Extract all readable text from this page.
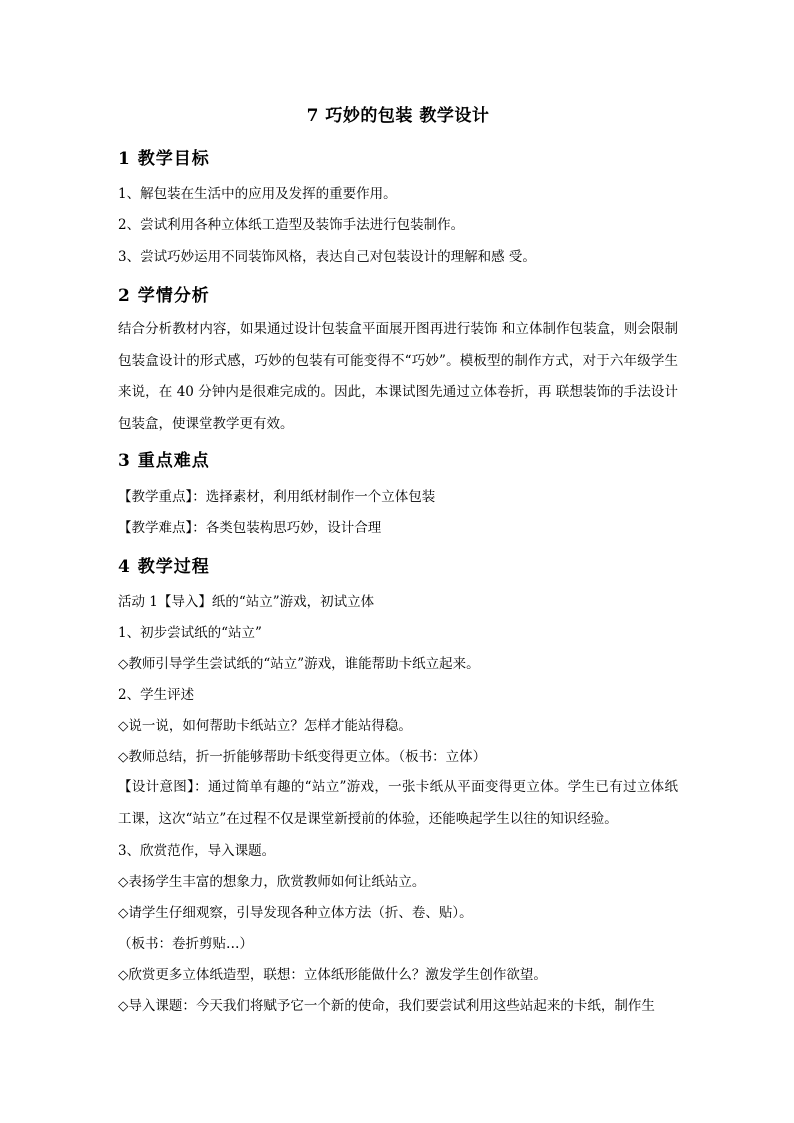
7 巧妙的包装 教学设计
1 教学目标
1、解包装在生活中的应用及发挥的重要作用。
2、尝试利用各种立体纸工造型及装饰手法进行包装制作。
3、尝试巧妙运用不同装饰风格，表达自己对包装设计的理解和感 受。
2 学情分析
结合分析教材内容，如果通过设计包装盒平面展开图再进行装饰 和立体制作包装盒，则会限制包装盒设计的形式感，巧妙的包装有可能变得不“巧妙”。模板型的制作方式，对于六年级学生来说，在 40 分钟内是很难完成的。因此，本课试图先通过立体卷折，再 联想装饰的手法设计包装盒，使课堂教学更有效。
3 重点难点
【教学重点】：选择素材，利用纸材制作一个立体包装
【教学难点】：各类包装构思巧妙，设计合理
4 教学过程
活动 1【导入】纸的“站立”游戏，初试立体
1、初步尝试纸的“站立”
◇教师引导学生尝试纸的“站立”游戏，谁能帮助卡纸立起来。
2、学生评述
◇说一说，如何帮助卡纸站立？怎样才能站得稳。
◇教师总结，折一折能够帮助卡纸变得更立体。（板书：立体）
【设计意图】：通过简单有趣的“站立”游戏，一张卡纸从平面变得更立体。学生已有过立体纸工课，这次“站立”在过程不仅是课堂新授前的体验，还能唤起学生以往的知识经验。
3、欣赏范作，导入课题。
◇表扬学生丰富的想象力，欣赏教师如何让纸站立。
◇请学生仔细观察，引导发现各种立体方法（折、卷、贴）。
（板书：卷折剪贴…）
◇欣赏更多立体纸造型，联想：立体纸形能做什么？激发学生创作欲望。
◇导入课题：今天我们将赋予它一个新的使命，我们要尝试利用这些站起来的卡纸，制作生
